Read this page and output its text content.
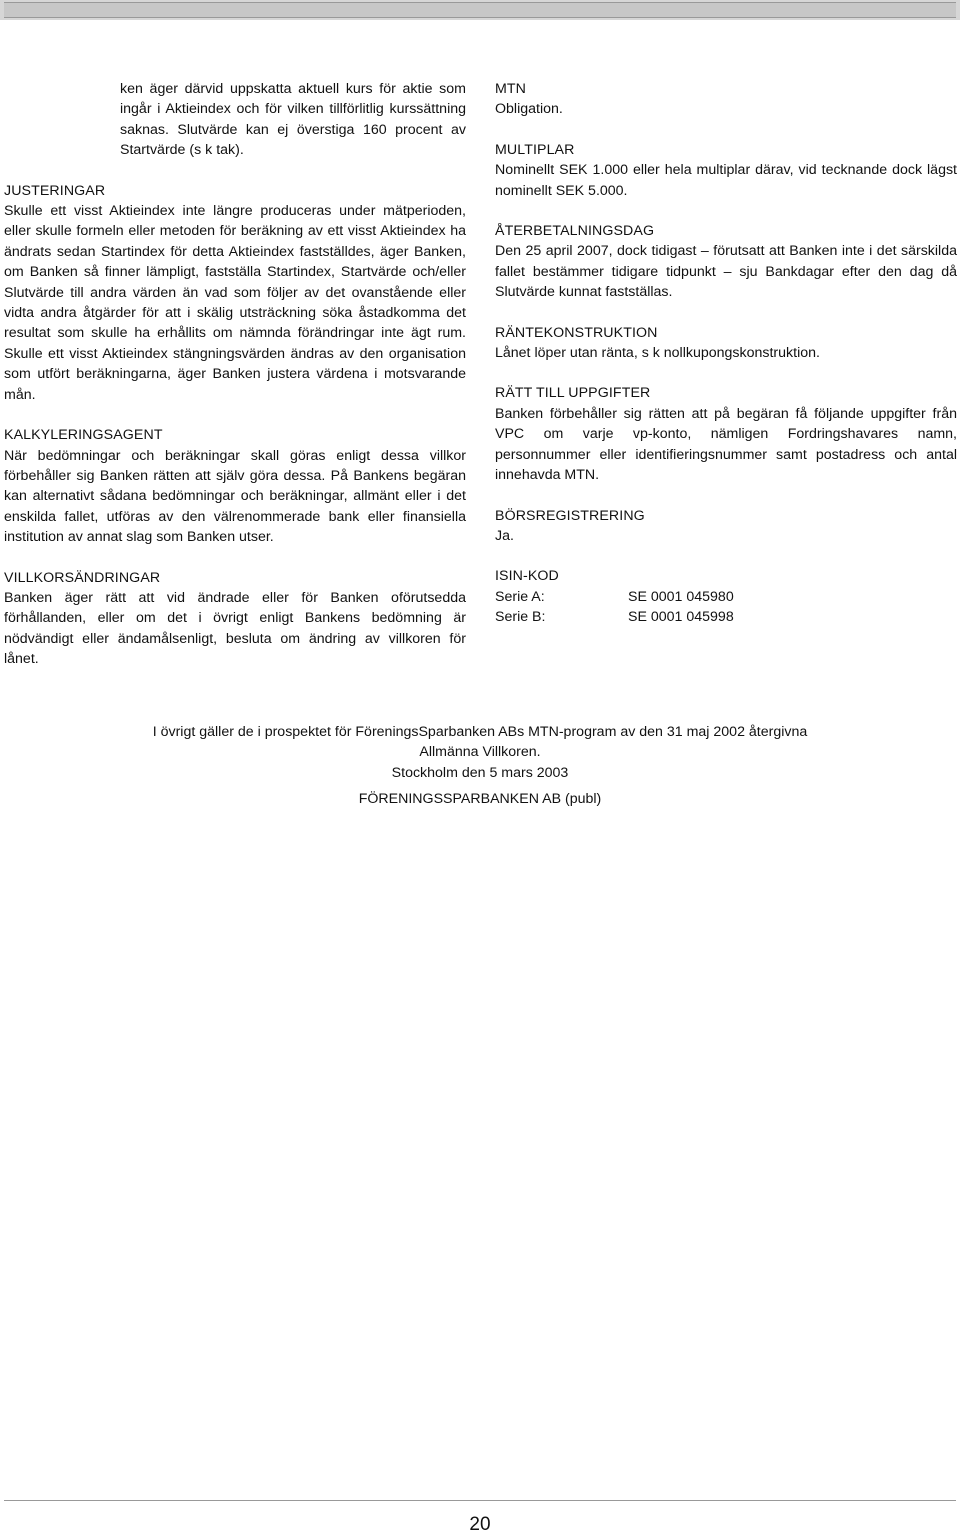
ken äger därvid uppskatta aktuell kurs för aktie som ingår i Aktieindex och för vilken tillförlitlig kurssättning saknas. Slutvärde kan ej överstiga 160 procent av Startvärde (s k tak).
JUSTERINGAR
Skulle ett visst Aktieindex inte längre produceras under mätperioden, eller skulle formeln eller metoden för beräkning av ett visst Aktieindex ha ändrats sedan Startindex för detta Aktieindex fastställdes, äger Banken, om Banken så finner lämpligt, fastställa Startindex, Startvärde och/eller Slutvärde till andra värden än vad som följer av det ovanstående eller vidta andra åtgärder för att i skälig utsträckning söka åstadkomma det resultat som skulle ha erhållits om nämnda förändringar inte ägt rum. Skulle ett visst Aktieindex stängningsvärden ändras av den organisation som utfört beräkningarna, äger Banken justera värdena i motsvarande mån.
KALKYLERINGSAGENT
När bedömningar och beräkningar skall göras enligt dessa villkor förbehåller sig Banken rätten att själv göra dessa. På Bankens begäran kan alternativt sådana bedömningar och beräkningar, allmänt eller i det enskilda fallet, utföras av den välrenommerade bank eller finansiella institution av annat slag som Banken utser.
VILLKORSÄNDRINGAR
Banken äger rätt att vid ändrade eller för Banken oförutsedda förhållanden, eller om det i övrigt enligt Bankens bedömning är nödvändigt eller ändamålsenligt, besluta om ändring av villkoren för lånet.
MTN
Obligation.
MULTIPLAR
Nominellt SEK 1.000 eller hela multiplar därav, vid tecknande dock lägst nominellt SEK 5.000.
ÅTERBETALNINGSDAG
Den 25 april 2007, dock tidigast – förutsatt att Banken inte i det särskilda fallet bestämmer tidigare tidpunkt – sju Bankdagar efter den dag då Slutvärde kunnat fastställas.
RÄNTEKONSTRUKTION
Lånet löper utan ränta, s k nollkupongskonstruktion.
RÄTT TILL UPPGIFTER
Banken förbehåller sig rätten att på begäran få följande uppgifter från VPC om varje vp-konto, nämligen Fordringshavares namn, personnummer eller identifieringsnummer samt postadress och antal innehavda MTN.
BÖRSREGISTRERING
Ja.
ISIN-KOD
Serie A:	SE 0001 045980
Serie B:	SE 0001 045998
I övrigt gäller de i prospektet för FöreningsSparbanken ABs MTN-program av den 31 maj 2002 återgivna
Allmänna Villkoren.
Stockholm den 5 mars 2003
FÖRENINGSSPARBANKEN AB (publ)
20
